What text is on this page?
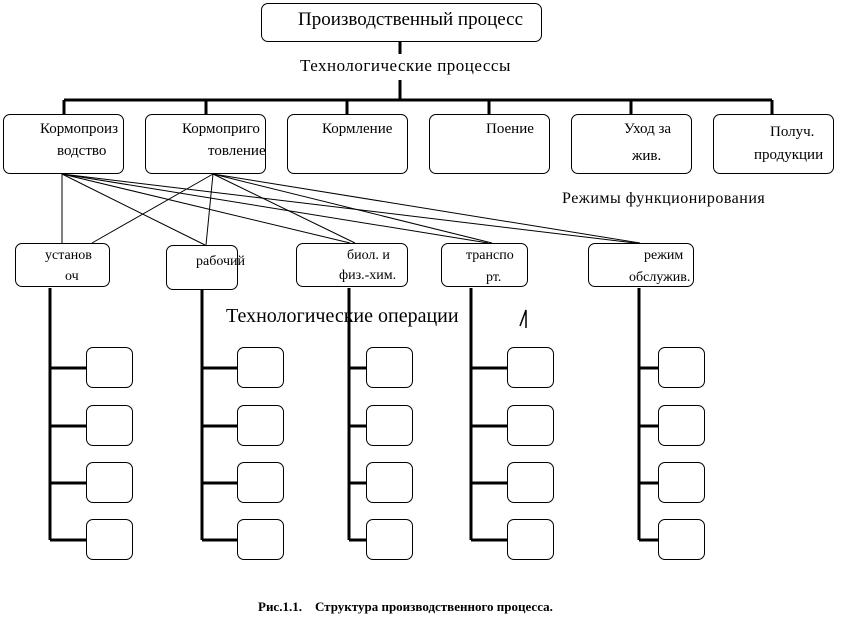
Производственный процесс
Технологические процессы
Кормопроиз
водство
Кормоприго
товление
Кормление	Поение	Уход за
жив.
Получ.
продукции
Режимы функционирования
установ
оч
рабочий	биол. и
физ.-хим.
транспо
рт.
режим
обслужив.
Технологические операции
Рис.1.1.    Структура производственного процесса.
